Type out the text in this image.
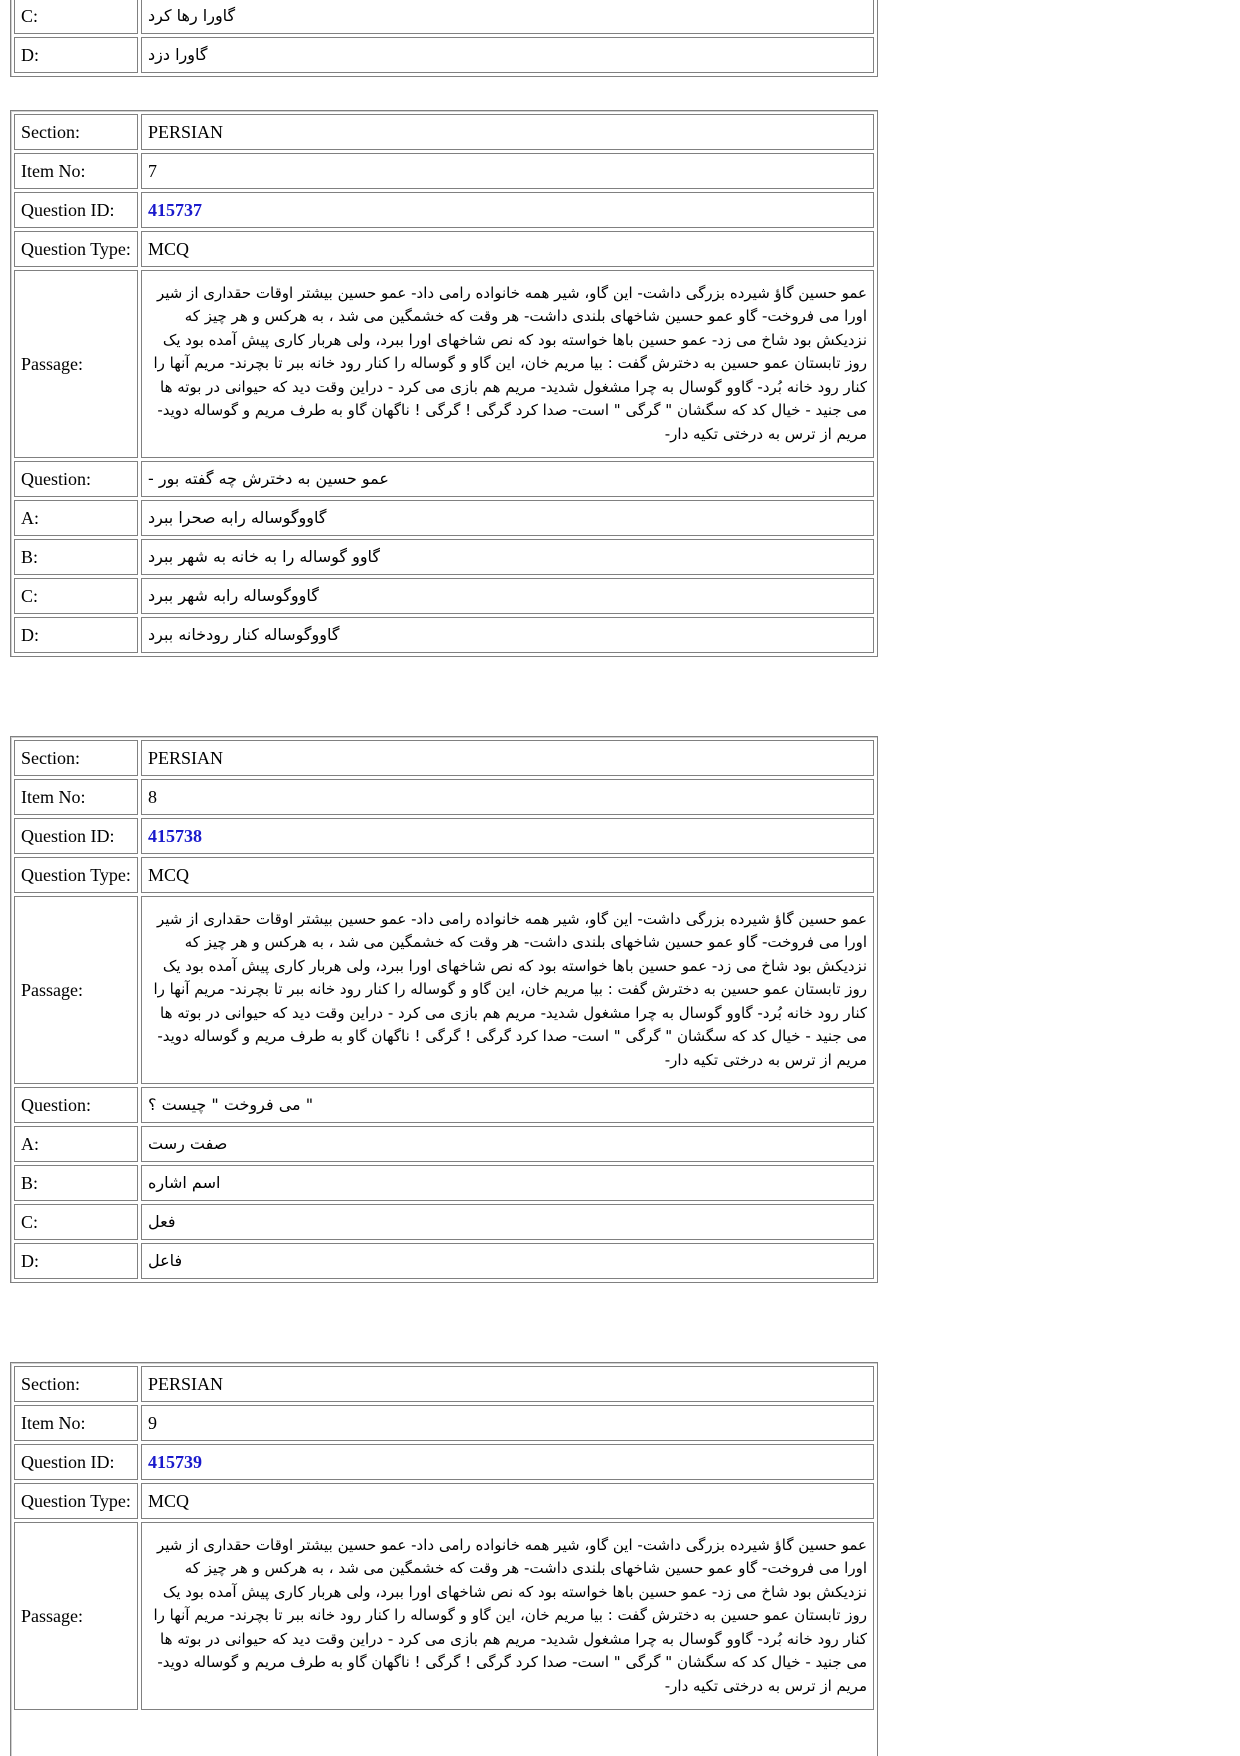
C:	گاورا رها کرد
D:	گاورا دزد
Section:	PERSIAN
Item No:	7
Question ID:	415737
Question Type:	MCQ
Passage:	عمو حسین گاؤ شیرده بزرگی داشت- این گاو، شیر همه خانواده رامی داد- عمو حسین بیشتر اوقات حقداری از شیر اورا می فروخت- گاو عمو حسین شاخهای بلندی داشت- هر وقت که خشمگین می شد ، به هرکس و هر چیز که نزدیکش بود شاخ می زد- عمو حسین باها خواسته بود که نص شاخهای اورا ببرد، ولی هربار کاری پیش آمده بود یک روز تابستان عمو حسین به دخترش گفت : بیا مریم خان، این گاو و گوساله را کنار رود خانه ببر تا بچرند- مریم آنها را کنار رود خانه بُرد- گاوو گوسال به چرا مشغول شدید- مریم هم بازی می کرد - دراین وقت دید که حیوانی در بوته ها می جنید - خیال کد که سگشان " گرگی " است- صدا کرد گرگی ! گرگی ! ناگهان گاو به طرف مریم و گوساله دوید- مریم از ترس به درختی تکیه دار-
Question:	عمو حسین به دخترش چه گفته بور -
A:	گاووگوساله رابه صحرا ببرد
B:	گاوو گوساله را به خانه به شهر ببرد
C:	گاووگوساله رابه شهر ببرد
D:	گاووگوساله کنار رودخانه ببرد
Section:	PERSIAN
Item No:	8
Question ID:	415738
Question Type:	MCQ
Passage:	عمو حسین گاؤ شیرده بزرگی داشت- این گاو، شیر همه خانواده رامی داد- عمو حسین بیشتر اوقات حقداری از شیر اورا می فروخت- گاو عمو حسین شاخهای بلندی داشت- هر وقت که خشمگین می شد ، به هرکس و هر چیز که نزدیکش بود شاخ می زد- عمو حسین باها خواسته بود که نص شاخهای اورا ببرد، ولی هربار کاری پیش آمده بود یک روز تابستان عمو حسین به دخترش گفت : بیا مریم خان، این گاو و گوساله را کنار رود خانه ببر تا بچرند- مریم آنها را کنار رود خانه بُرد- گاوو گوسال به چرا مشغول شدید- مریم هم بازی می کرد - دراین وقت دید که حیوانی در بوته ها می جنید - خیال کد که سگشان " گرگی " است- صدا کرد گرگی ! گرگی ! ناگهان گاو به طرف مریم و گوساله دوید- مریم از ترس به درختی تکیه دار-
Question:	" می فروخت " چیست ؟
A:	صفت رست
B:	اسم اشاره
C:	فعل
D:	فاعل
Section:	PERSIAN
Item No:	9
Question ID:	415739
Question Type:	MCQ
Passage:	عمو حسین گاؤ شیرده بزرگی داشت- این گاو، شیر همه خانواده رامی داد- عمو حسین بیشتر اوقات حقداری از شیر اورا می فروخت- گاو عمو حسین شاخهای بلندی داشت- هر وقت که خشمگین می شد ، به هرکس و هر چیز که نزدیکش بود شاخ می زد- عمو حسین باها خواسته بود که نص شاخهای اورا ببرد، ولی هربار کاری پیش آمده بود یک روز تابستان عمو حسین به دخترش گفت : بیا مریم خان، این گاو و گوساله را کنار رود خانه ببر تا بچرند- مریم آنها را کنار رود خانه بُرد- گاوو گوسال به چرا مشغول شدید- مریم هم بازی می کرد - دراین وقت دید که حیوانی در بوته ها می جنید - خیال کد که سگشان " گرگی " است- صدا کرد گرگی ! گرگی ! ناگهان گاو به طرف مریم و گوساله دوید- مریم از ترس به درختی تکیه دار-
